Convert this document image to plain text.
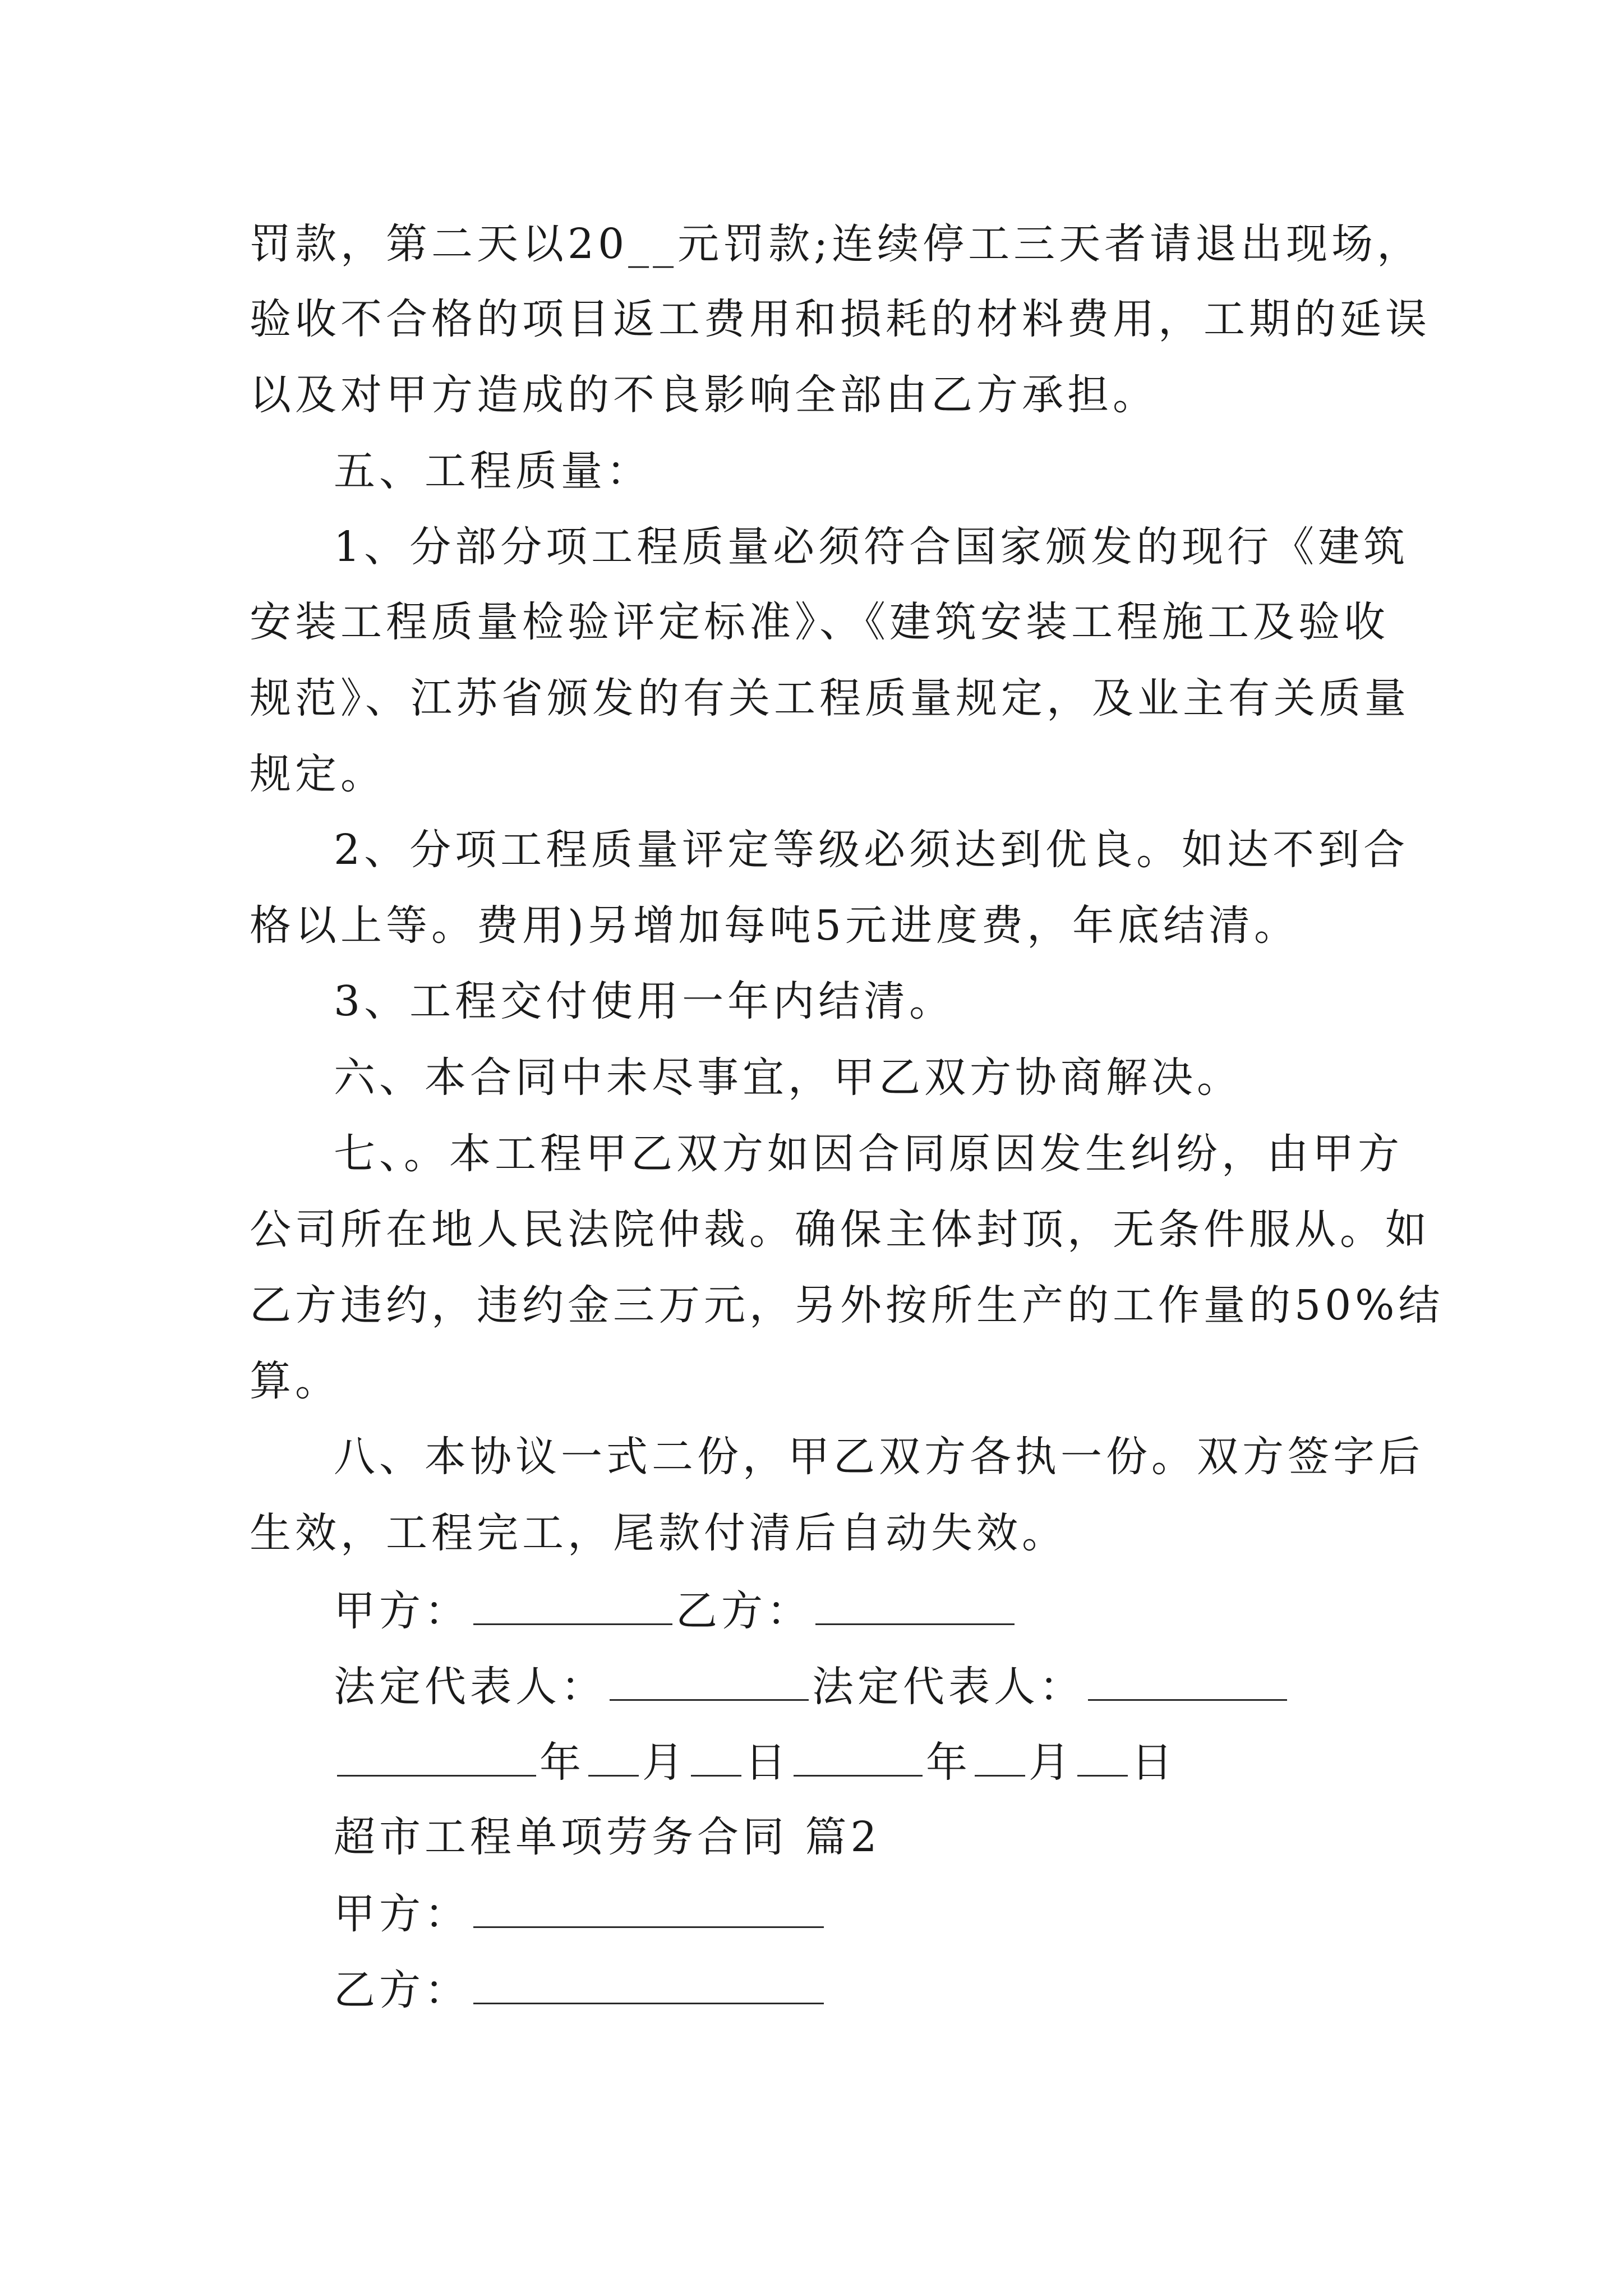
罚款，第二天以20__元罚款;连续停工三天者请退出现场，
验收不合格的项目返工费用和损耗的材料费用，工期的延误
以及对甲方造成的不良影响全部由乙方承担。
五、工程质量：
1、分部分项工程质量必须符合国家颁发的现行《建筑
安装工程质量检验评定标准》、《建筑安装工程施工及验收
规范》、江苏省颁发的有关工程质量规定，及业主有关质量
规定。
2、分项工程质量评定等级必须达到优良。如达不到合
格以上等。费用)另增加每吨5元进度费，年底结清。
3、工程交付使用一年内结清。
六、本合同中未尽事宜，甲乙双方协商解决。
七、。本工程甲乙双方如因合同原因发生纠纷，由甲方
公司所在地人民法院仲裁。确保主体封顶，无条件服从。如
乙方违约，违约金三万元，另外按所生产的工作量的50%结
算。
八、本协议一式二份，甲乙双方各执一份。双方签字后
生效，工程完工，尾款付清后自动失效。
甲方：	乙方：
法定代表人：	法定代表人：
年 月 日	年 月 日
超市工程单项劳务合同 篇2
甲方：
乙方：
